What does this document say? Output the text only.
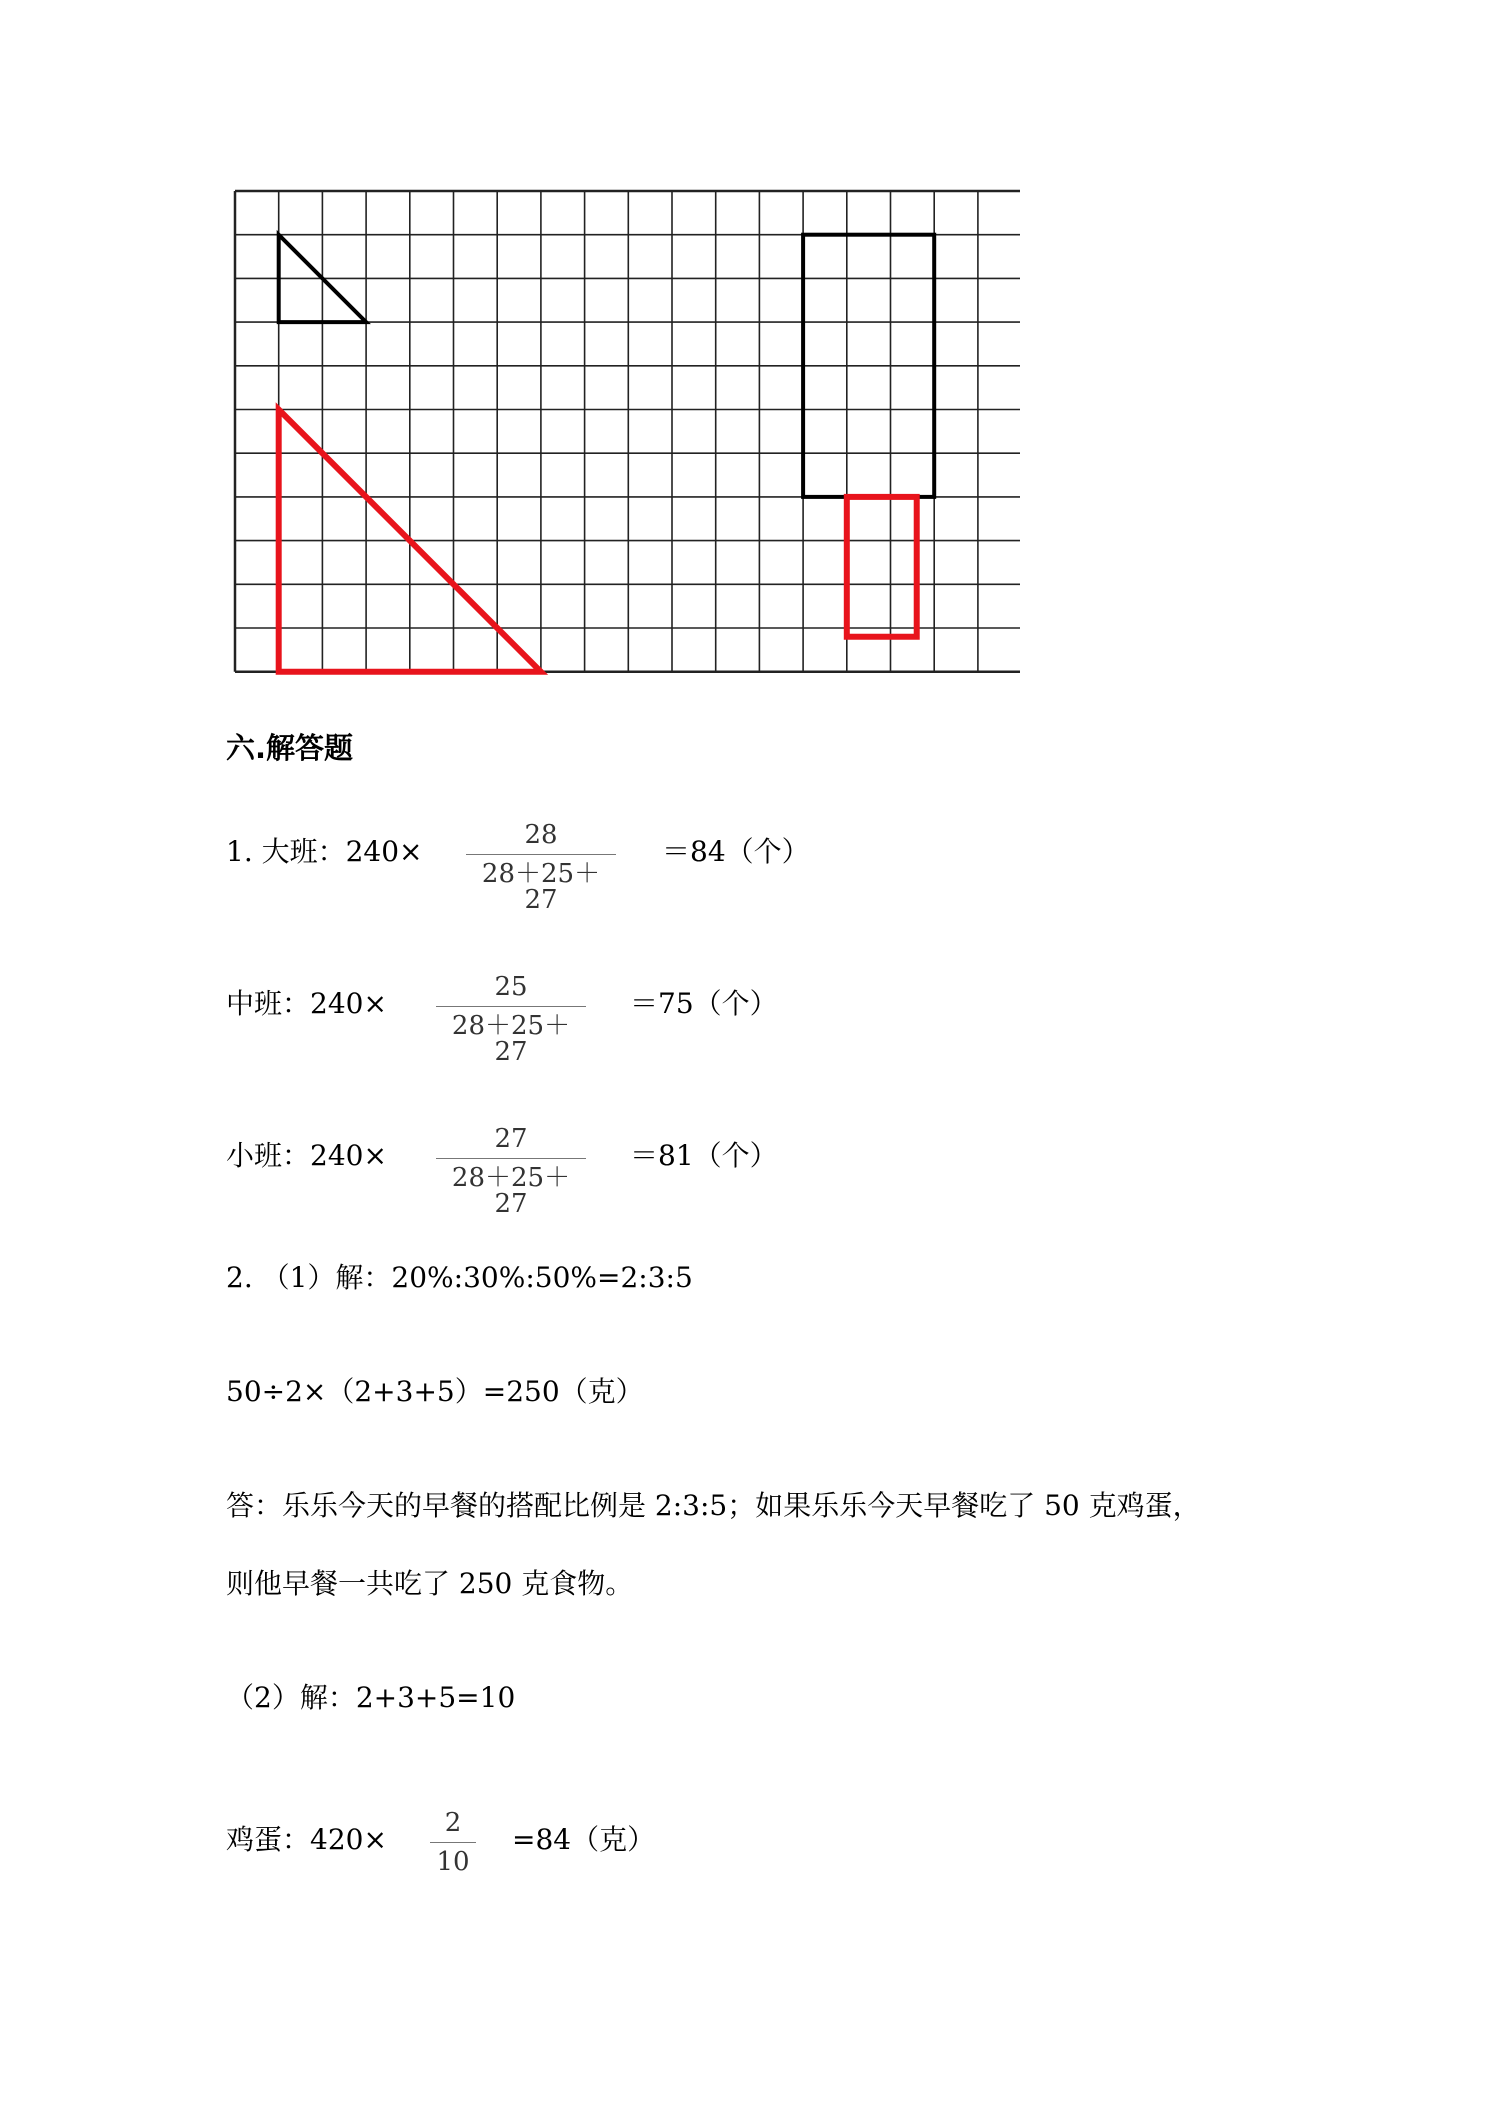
六.解答题
1. 大班：240×	28
28＋25＋27
＝84（个）
中班：240×	25
28＋25＋27
＝75（个）
小班：240×	27
28＋25＋27
＝81（个）
2. （1）解：20%:30%:50%=2:3:5
50÷2×（2+3+5）=250（克）
答：乐乐今天的早餐的搭配比例是 2:3:5；如果乐乐今天早餐吃了 50 克鸡蛋，
则他早餐一共吃了 250 克食物。
（2）解：2+3+5=10
鸡蛋：420×	2
10
=84（克）
